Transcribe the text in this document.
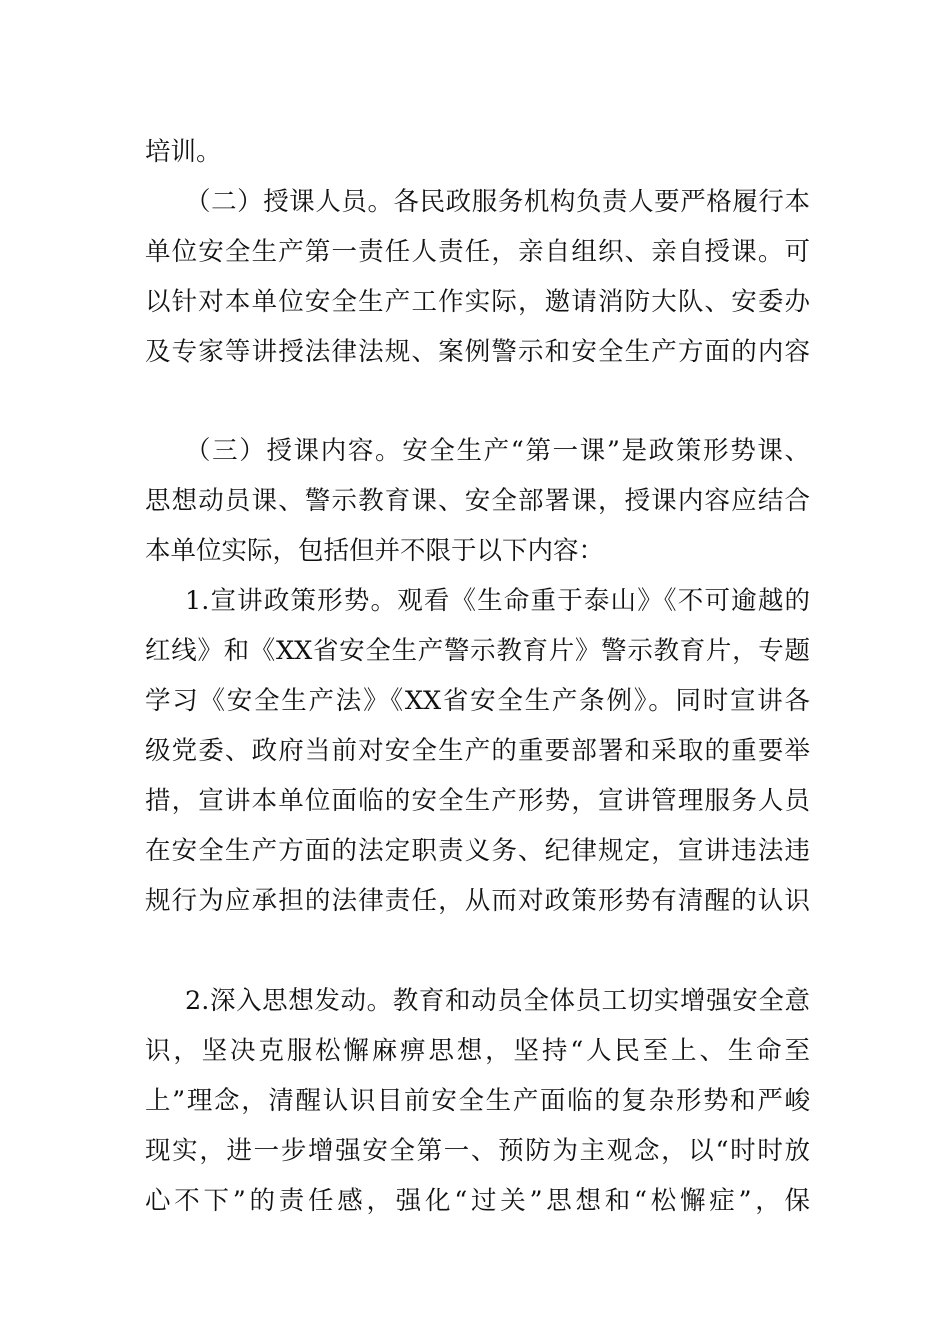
培训。
（二）授课人员。各民政服务机构负责人要严格履行本
单位安全生产第一责任人责任，亲自组织、亲自授课。可
以针对本单位安全生产工作实际，邀请消防大队、安委办
及专家等讲授法律法规、案例警示和安全生产方面的内容
（三）授课内容。安全生产“第一课”是政策形势课、
思想动员课、警示教育课、安全部署课，授课内容应结合
本单位实际，包括但并不限于以下内容：
1.宣讲政策形势。观看《生命重于泰山》《不可逾越的
红线》和《XX省安全生产警示教育片》警示教育片，专题
学习《安全生产法》《XX省安全生产条例》。同时宣讲各
级党委、政府当前对安全生产的重要部署和采取的重要举
措，宣讲本单位面临的安全生产形势，宣讲管理服务人员
在安全生产方面的法定职责义务、纪律规定，宣讲违法违
规行为应承担的法律责任，从而对政策形势有清醒的认识
2.深入思想发动。教育和动员全体员工切实增强安全意
识，坚决克服松懈麻痹思想，坚持“人民至上、生命至
上”理念，清醒认识目前安全生产面临的复杂形势和严峻
现实，进一步增强安全第一、预防为主观念，以“时时放
心不下”的责任感，强化“过关”思想和“松懈症”，保
